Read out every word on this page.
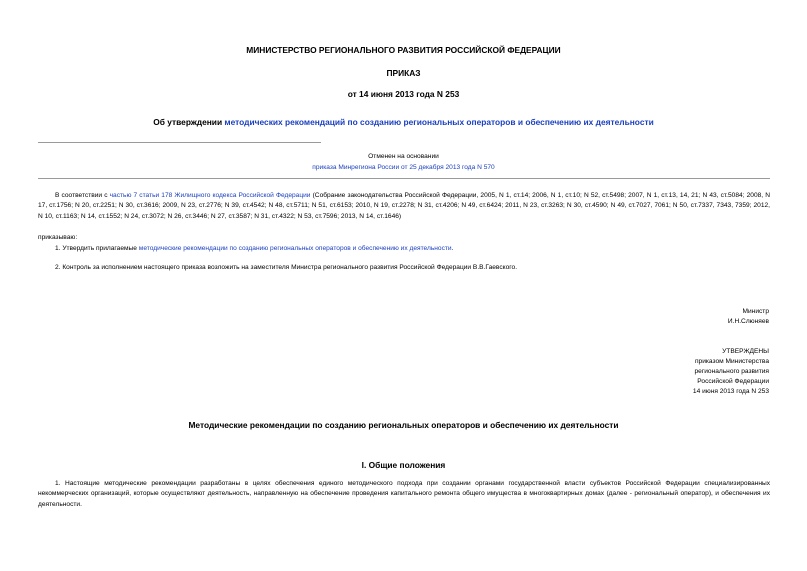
МИНИСТЕРСТВО РЕГИОНАЛЬНОГО РАЗВИТИЯ РОССИЙСКОЙ ФЕДЕРАЦИИ
ПРИКАЗ
от 14 июня 2013 года N 253
Об утверждении методических рекомендаций по созданию региональных операторов и обеспечению их деятельности
Отменен на основании
приказа Минрегиона России от 25 декабря 2013 года N 570
В соответствии с частью 7 статьи 178 Жилищного кодекса Российской Федерации (Собрание законодательства Российской Федерации, 2005, N 1, ст.14; 2006, N 1, ст.10; N 52, ст.5498; 2007, N 1, ст.13, 14, 21; N 43, ст.5084; 2008, N 17, ст.1756; N 20, ст.2251; N 30, ст.3616; 2009, N 23, ст.2776; N 39, ст.4542; N 48, ст.5711; N 51, ст.6153; 2010, N 19, ст.2278; N 31, ст.4206; N 49, ст.6424; 2011, N 23, ст.3263; N 30, ст.4590; N 49, ст.7027, 7061; N 50, ст.7337, 7343, 7359; 2012, N 10, ст.1163; N 14, ст.1552; N 24, ст.3072; N 26, ст.3446; N 27, ст.3587; N 31, ст.4322; N 53, ст.7596; 2013, N 14, ст.1646)
приказываю:
1. Утвердить прилагаемые методические рекомендации по созданию региональных операторов и обеспечению их деятельности.
2. Контроль за исполнением настоящего приказа возложить на заместителя Министра регионального развития Российской Федерации В.В.Гаевского.
Министр
И.Н.Слюняев
УТВЕРЖДЕНЫ
приказом Министерства
регионального развития
Российской Федерации
14 июня 2013 года N 253
Методические рекомендации по созданию региональных операторов и обеспечению их деятельности
I. Общие положения
1. Настоящие методические рекомендации разработаны в целях обеспечения единого методического подхода при создании органами государственной власти субъектов Российской Федерации специализированных некоммерческих организаций, которые осуществляют деятельность, направленную на обеспечение проведения капитального ремонта общего имущества в многоквартирных домах (далее - региональный оператор), и обеспечения их деятельности.
